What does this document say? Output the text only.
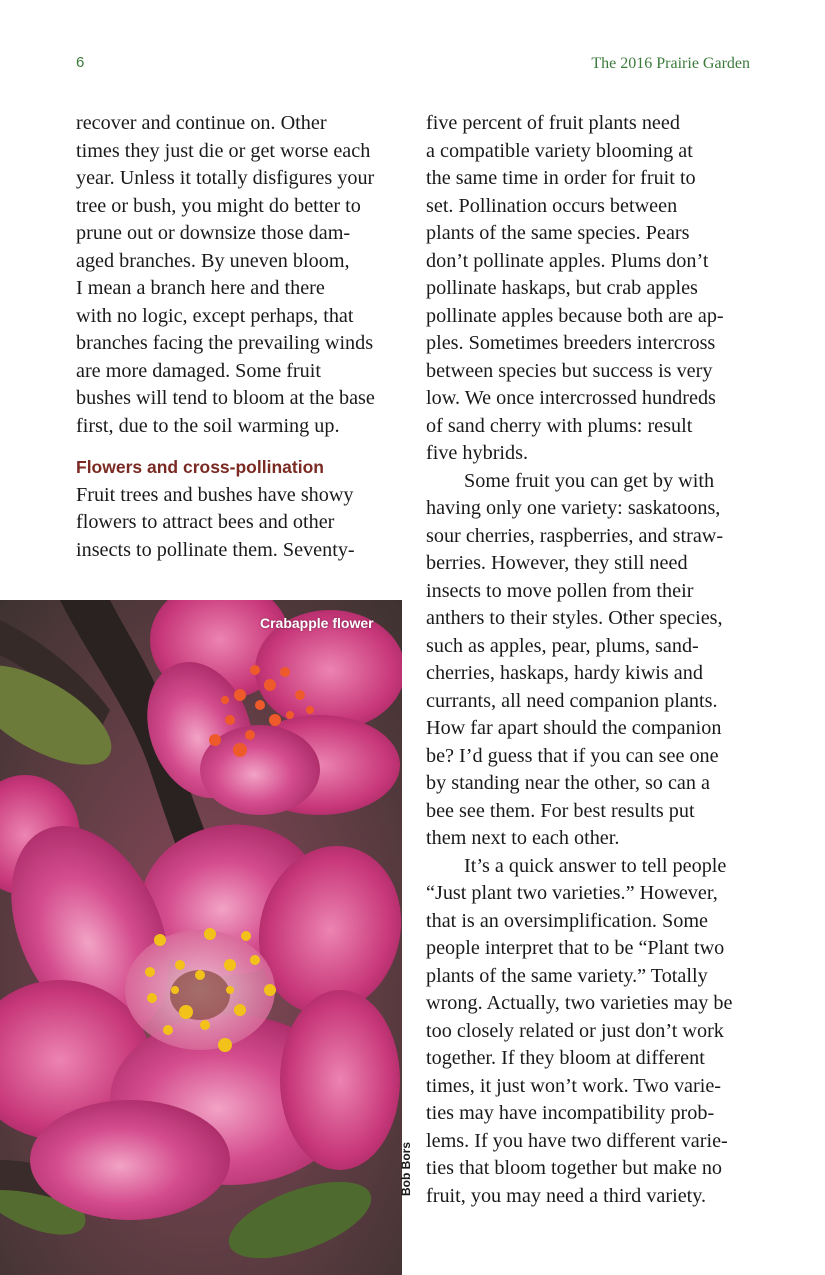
6	The 2016 Prairie Garden
recover and continue on. Other
times they just die or get worse each
year. Unless it totally disfigures your
tree or bush, you might do better to
prune out or downsize those dam-
aged branches. By uneven bloom,
I mean a branch here and there
with no logic, except perhaps, that
branches facing the prevailing winds
are more damaged. Some fruit
bushes will tend to bloom at the base
first, due to the soil warming up.
Flowers and cross-pollination
Fruit trees and bushes have showy
flowers to attract bees and other
insects to pollinate them. Seventy-
five percent of fruit plants need
a compatible variety blooming at
the same time in order for fruit to
set. Pollination occurs between
plants of the same species. Pears
don’t pollinate apples. Plums don’t
pollinate haskaps, but crab apples
pollinate apples because both are ap-
ples. Sometimes breeders intercross
between species but success is very
low. We once intercrossed hundreds
of sand cherry with plums: result
five hybrids.
Some fruit you can get by with
having only one variety: saskatoons,
sour cherries, raspberries, and straw-
berries. However, they still need
insects to move pollen from their
anthers to their styles. Other species,
such as apples, pear, plums, sand-
cherries, haskaps, hardy kiwis and
currants, all need companion plants.
How far apart should the companion
be? I’d guess that if you can see one
by standing near the other, so can a
bee see them. For best results put
them next to each other.
It’s a quick answer to tell people
“Just plant two varieties.” However,
that is an oversimplification. Some
people interpret that to be “Plant two
plants of the same variety.” Totally
wrong. Actually, two varieties may be
too closely related or just don’t work
together. If they bloom at different
times, it just won’t work. Two varie-
ties may have incompatibility prob-
lems. If you have two different varie-
ties that bloom together but make no
fruit, you may need a third variety.
Crabapple flower
Bob Bors
